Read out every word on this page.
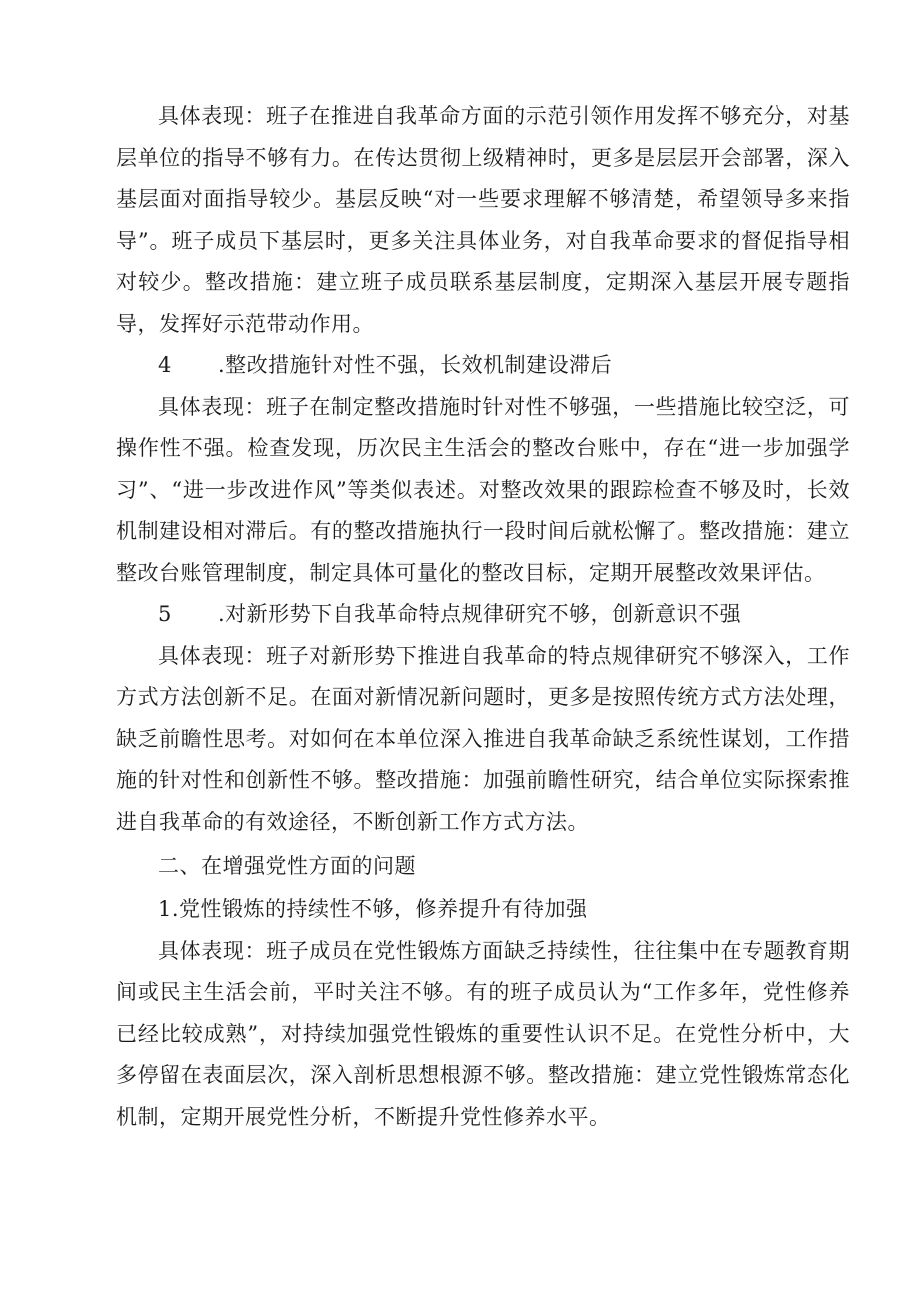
具体表现：班子在推进自我革命方面的示范引领作用发挥不够充分，对基层单位的指导不够有力。在传达贯彻上级精神时，更多是层层开会部署，深入基层面对面指导较少。基层反映“对一些要求理解不够清楚，希望领导多来指导”。班子成员下基层时，更多关注具体业务，对自我革命要求的督促指导相对较少。整改措施：建立班子成员联系基层制度，定期深入基层开展专题指导，发挥好示范带动作用。

4 .整改措施针对性不强，长效机制建设滞后

具体表现：班子在制定整改措施时针对性不够强，一些措施比较空泛，可操作性不强。检查发现，历次民主生活会的整改台账中，存在“进一步加强学习”、“进一步改进作风”等类似表述。对整改效果的跟踪检查不够及时，长效机制建设相对滞后。有的整改措施执行一段时间后就松懈了。整改措施：建立整改台账管理制度，制定具体可量化的整改目标，定期开展整改效果评估。

5 .对新形势下自我革命特点规律研究不够，创新意识不强

具体表现：班子对新形势下推进自我革命的特点规律研究不够深入，工作方式方法创新不足。在面对新情况新问题时，更多是按照传统方式方法处理，缺乏前瞻性思考。对如何在本单位深入推进自我革命缺乏系统性谋划，工作措施的针对性和创新性不够。整改措施：加强前瞻性研究，结合单位实际探索推进自我革命的有效途径，不断创新工作方式方法。

二、在增强党性方面的问题

1.党性锻炼的持续性不够，修养提升有待加强

具体表现：班子成员在党性锻炼方面缺乏持续性，往往集中在专题教育期间或民主生活会前，平时关注不够。有的班子成员认为“工作多年，党性修养已经比较成熟”，对持续加强党性锻炼的重要性认识不足。在党性分析中，大多停留在表面层次，深入剖析思想根源不够。整改措施：建立党性锻炼常态化机制，定期开展党性分析，不断提升党性修养水平。
